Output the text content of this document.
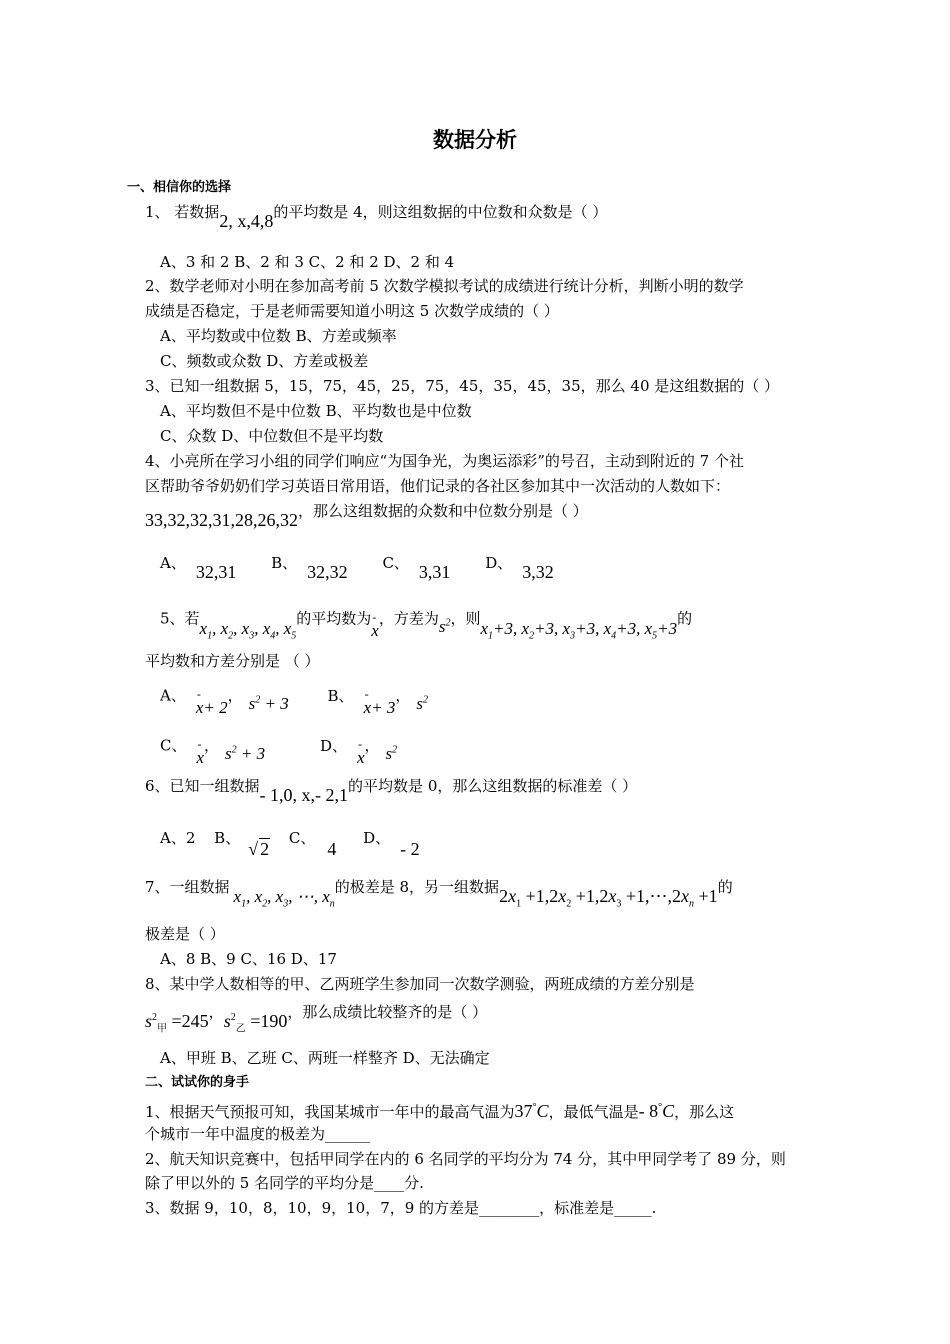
数据分析
一、相信你的选择
1、 若数据2, x,4,8的平均数是 4，则这组数据的中位数和众数是（ ）
A、3 和 2 B、2 和 3 C、2 和 2 D、2 和 4
2、数学老师对小明在参加高考前 5 次数学模拟考试的成绩进行统计分析，判断小明的数学
成绩是否稳定，于是老师需要知道小明这 5 次数学成绩的（ ）
A、平均数或中位数 B、方差或频率
C、频数或众数 D、方差或极差
3、已知一组数据 5，15，75，45，25，75，45，35，45，35，那么 40 是这组数据的（ ）
A、平均数但不是中位数 B、平均数也是中位数
C、众数 D、中位数但不是平均数
4、小亮所在学习小组的同学们响应“为国争光，为奥运添彩”的号召，主动到附近的 7 个社
区帮助爷爷奶奶们学习英语日常用语，他们记录的各社区参加其中一次活动的人数如下：
33,32,32,31,28,26,32，那么这组数据的众数和中位数分别是（ ）
A、 32,31 B、 32,32 C、 3,31 D、 3,32
5、若$x_1$, $x_2$, $x_3$, $x_4$, $x_5$的平均数为- x，方差为$s^2$，则$x_1+3$, $x_2+3$, $x_3+3$, $x_4+3$, $x_5+3$的
平均数和方差分别是 （ ）
A、- x+ 2， $s^2 + 3$	B、- x+ 3， $s^2$
C、- x， $s^2 + 3$	D、- x， $s^2$
6、已知一组数据- 1,0, x,- 2,1的平均数是 0，那么这组数据的标准差（ ）
A、2 B、√ 2 C、4 D、- 2
7、一组数据 $x_1$, $x_2$, $x_3$, ⋯, $x_n$的极差是 8，另一组数据$2x_1 +1,2x_2 +1,2x_3$ $+1,\cdots,2x_n +1$的
极差是（ ）
A、8 B、9 C、16 D、17
8、某中学人数相等的甲、乙两班学生参加同一次数学测验，两班成绩的方差分别是
$s^2_甲 =245$，$s^2_乙 =190$，那么成绩比较整齐的是（ ）
A、甲班 B、乙班 C、两班一样整齐 D、无法确定
二、试试你的身手
1、根据天气预报可知，我国某城市一年中的最高气温为37°C，最低气温是- 8°C，那么这
个城市一年中温度的极差为______
2、航天知识竞赛中，包括甲同学在内的 6 名同学的平均分为 74 分，其中甲同学考了 89 分，则
除了甲以外的 5 名同学的平均分是____分.
3、数据 9，10，8，10，9，10，7，9 的方差是________，标准差是_____.
